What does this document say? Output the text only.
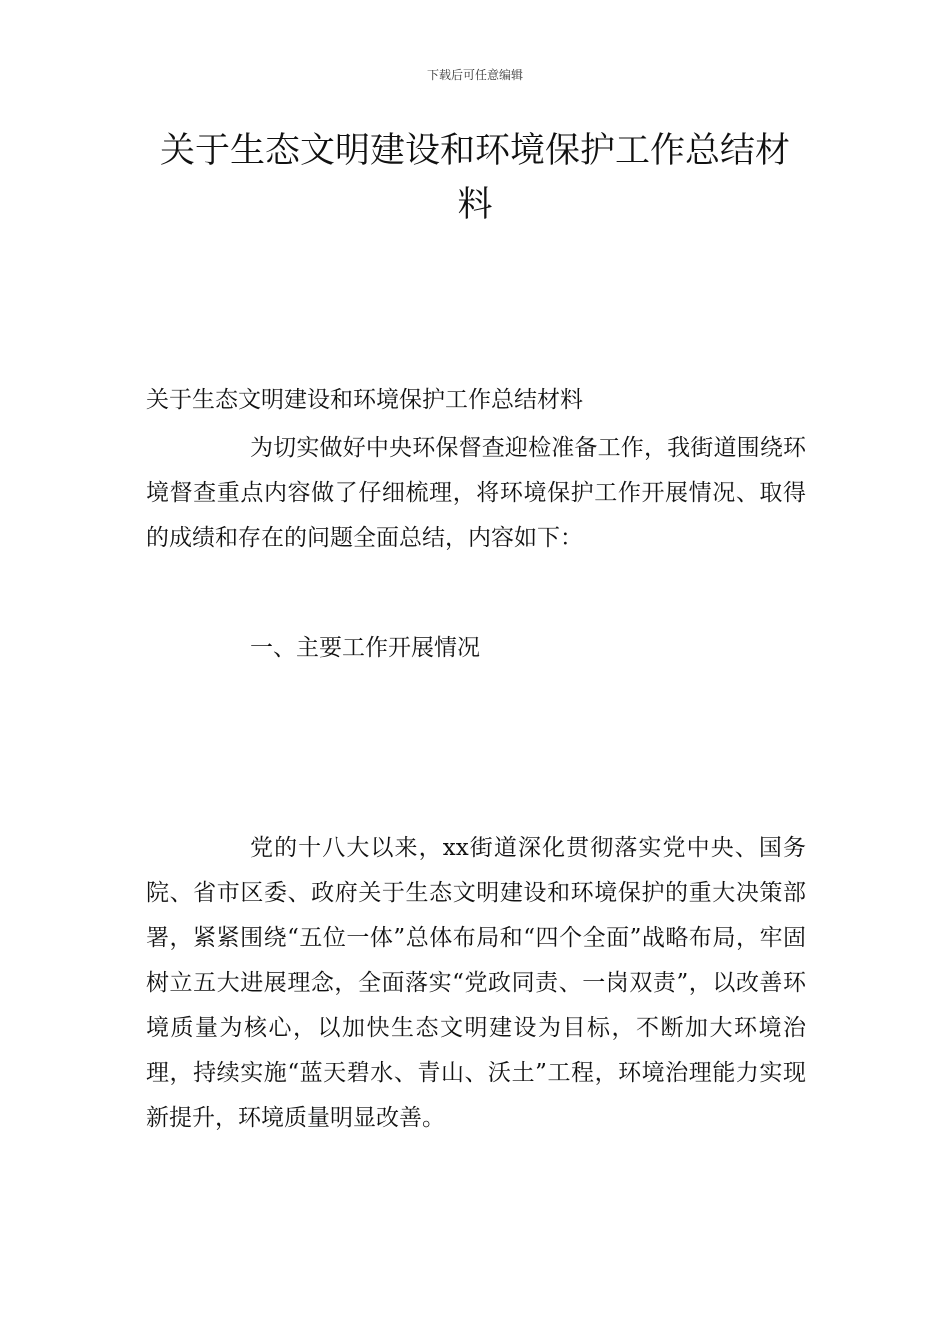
下载后可任意编辑
关于生态文明建设和环境保护工作总结材料

关于生态文明建设和环境保护工作总结材料

为切实做好中央环保督查迎检准备工作，我街道围绕环境督查重点内容做了仔细梳理，将环境保护工作开展情况、取得的成绩和存在的问题全面总结，内容如下：

一、主要工作开展情况

党的十八大以来，xx街道深化贯彻落实党中央、国务院、省市区委、政府关于生态文明建设和环境保护的重大决策部署，紧紧围绕“五位一体”总体布局和“四个全面”战略布局，牢固树立五大进展理念，全面落实“党政同责、一岗双责”，以改善环境质量为核心，以加快生态文明建设为目标，不断加大环境治理，持续实施“蓝天碧水、青山、沃土”工程，环境治理能力实现新提升，环境质量明显改善。
